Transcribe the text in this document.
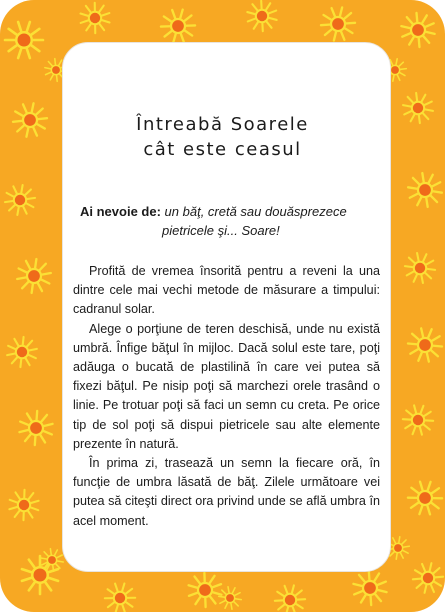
Întreabă Soarele
cât este ceasul
Ai nevoie de: un băţ, cretă sau douăsprezece
pietricele şi... Soare!

Profită de vremea însorită pentru a reveni la una dintre cele mai vechi metode de măsurare a timpului: cadranul solar.

Alege o porţiune de teren deschisă, unde nu există umbră. Înfige băţul în mijloc. Dacă solul este tare, poţi adăuga o bucată de plastilină în care vei putea să fixezi băţul. Pe nisip poţi să marchezi orele trasând o linie. Pe trotuar poţi să faci un semn cu creta. Pe orice tip de sol poţi să dispui pietricele sau alte elemente prezente în natură.

În prima zi, trasează un semn la fiecare oră, în funcţie de umbra lăsată de băţ. Zilele următoare vei putea să citeşti direct ora privind unde se află umbra în acel moment.
